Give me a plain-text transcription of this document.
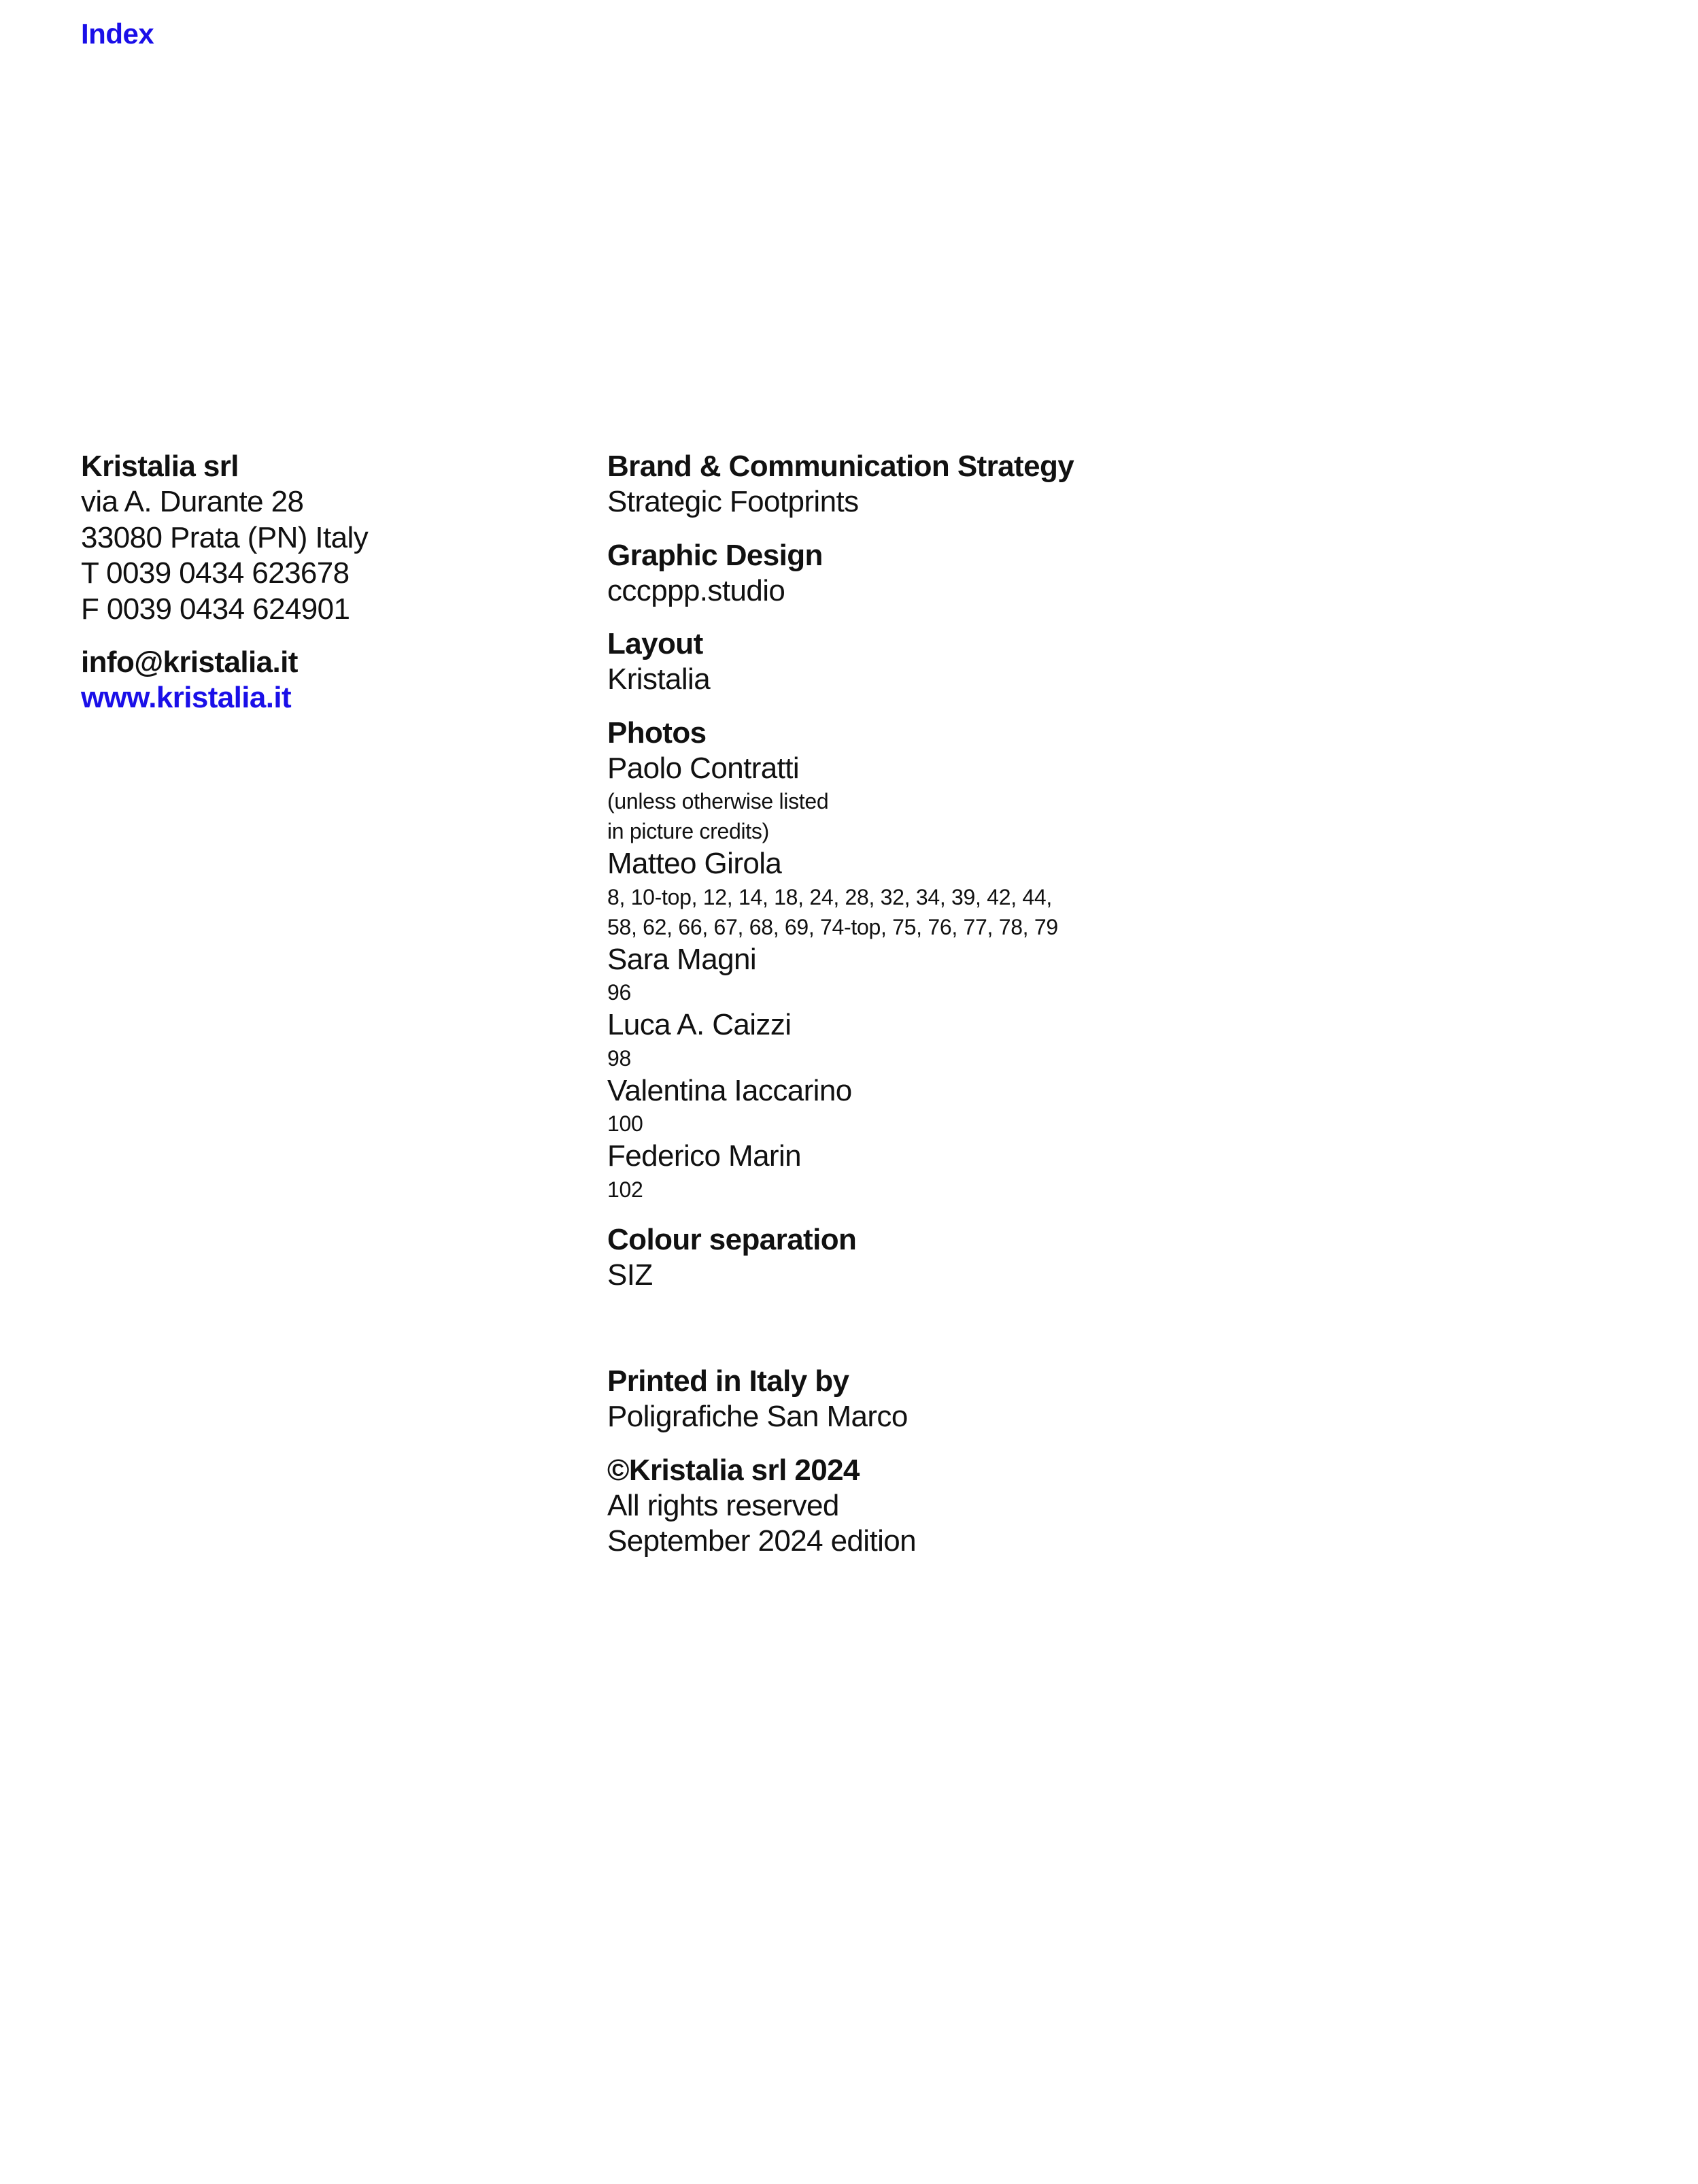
Index
Kristalia srl
via A. Durante 28
33080 Prata (PN) Italy
T 0039 0434 623678
F 0039 0434 624901
info@kristalia.it
www.kristalia.it
Brand & Communication Strategy
Strategic Footprints
Graphic Design
cccppp.studio
Layout
Kristalia
Photos
Paolo Contratti
(unless otherwise listed
in picture credits)
Matteo Girola
8, 10-top, 12, 14, 18, 24, 28, 32, 34, 39, 42, 44,
58, 62, 66, 67, 68, 69, 74-top, 75, 76, 77, 78, 79
Sara Magni
96
Luca A. Caizzi
98
Valentina Iaccarino
100
Federico Marin
102
Colour separation
SIZ
Printed in Italy by
Poligrafiche San Marco
©Kristalia srl 2024
All rights reserved
September 2024 edition
